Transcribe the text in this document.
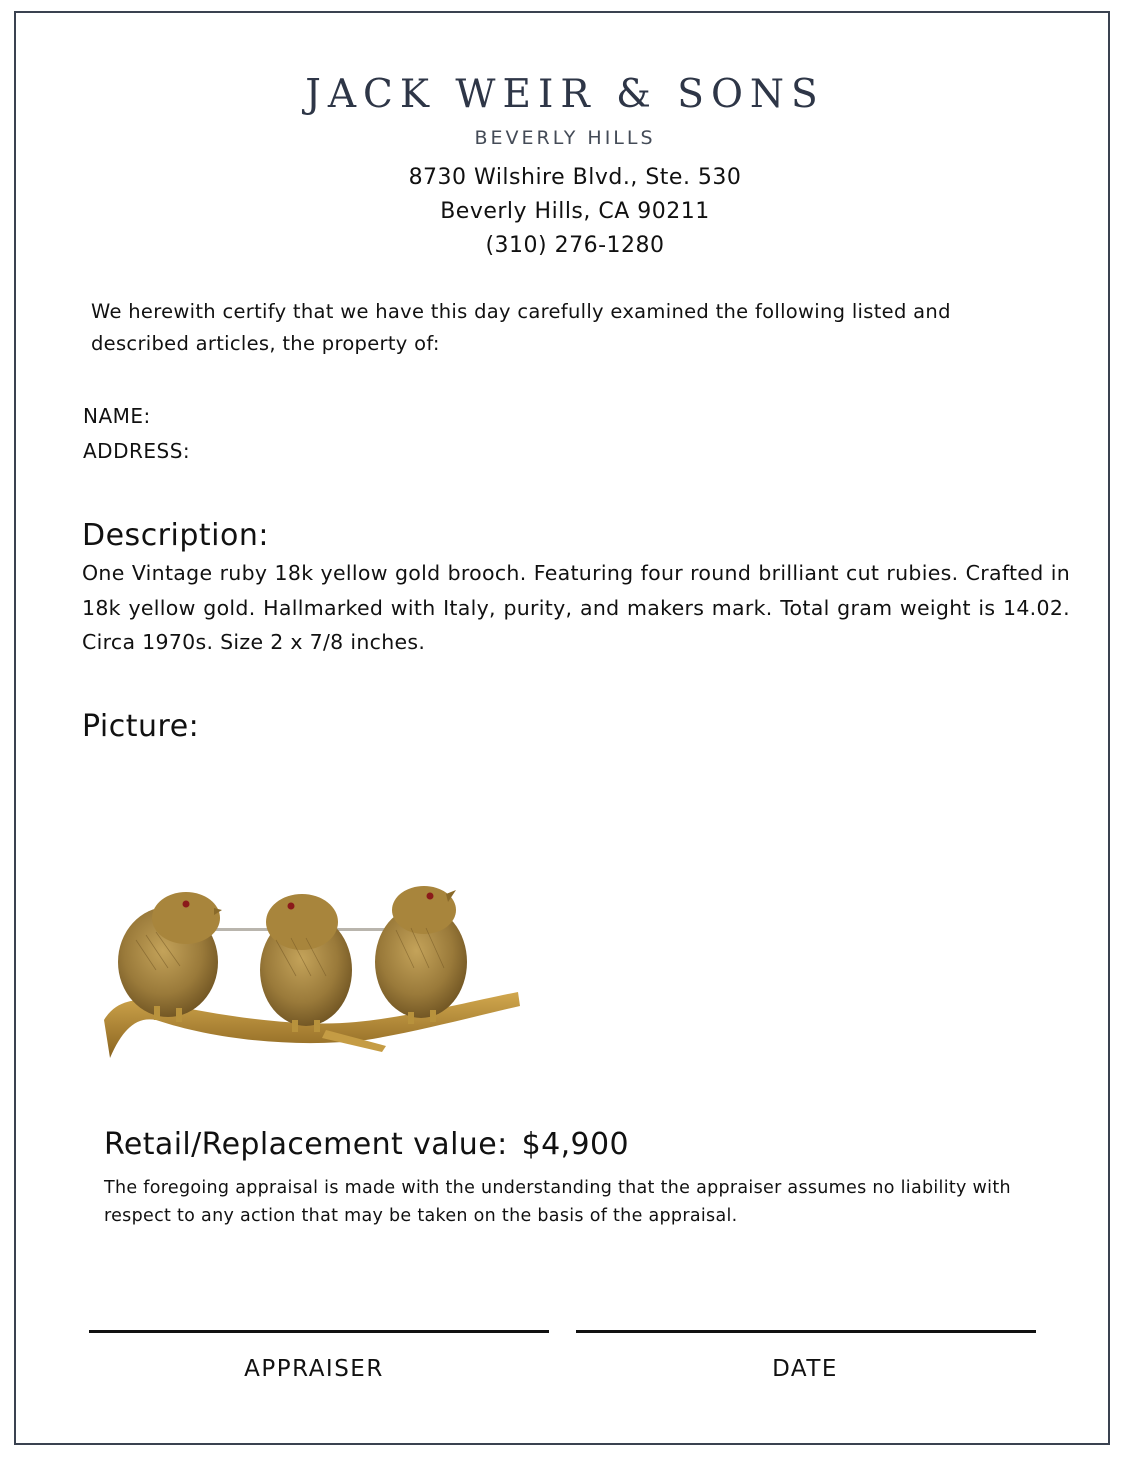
JACK WEIR & SONS
BEVERLY HILLS
8730 Wilshire Blvd., Ste. 530
Beverly Hills, CA 90211
(310) 276-1280
We herewith certify that we have this day carefully examined the following listed and described articles, the property of:
NAME:
ADDRESS:
Description:
One Vintage ruby 18k yellow gold brooch. Featuring four round brilliant cut rubies. Crafted in 18k yellow gold. Hallmarked with Italy, purity, and makers mark. Total gram weight is 14.02. Circa 1970s. Size 2 x 7/8 inches.
Picture:
Retail/Replacement value: $4,900
The foregoing appraisal is made with the understanding that the appraiser assumes no liability with respect to any action that may be taken on the basis of the appraisal.
APPRAISER	DATE
